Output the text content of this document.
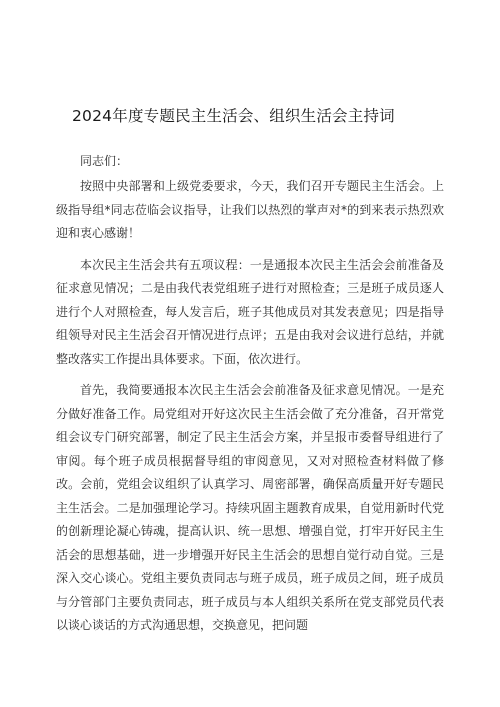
2024年度专题民主生活会、组织生活会主持词
同志们：

按照中央部署和上级党委要求，今天，我们召开专题民主生活会。上级指导组*同志莅临会议指导，让我们以热烈的掌声对*的到来表示热烈欢迎和衷心感谢！

本次民主生活会共有五项议程：一是通报本次民主生活会会前准备及征求意见情况；二是由我代表党组班子进行对照检查；三是班子成员逐人进行个人对照检查，每人发言后，班子其他成员对其发表意见；四是指导组领导对民主生活会召开情况进行点评；五是由我对会议进行总结，并就整改落实工作提出具体要求。下面，依次进行。

首先，我简要通报本次民主生活会会前准备及征求意见情况。一是充分做好准备工作。局党组对开好这次民主生活会做了充分准备，召开常党组会议专门研究部署，制定了民主生活会方案，并呈报市委督导组进行了审阅。每个班子成员根据督导组的审阅意见，又对对照检查材料做了修改。会前，党组会议组织了认真学习、周密部署，确保高质量开好专题民主生活会。二是加强理论学习。持续巩固主题教育成果，自觉用新时代党的创新理论凝心铸魂，提高认识、统一思想、增强自觉，打牢开好民主生活会的思想基础，进一步增强开好民主生活会的思想自觉行动自觉。三是深入交心谈心。党组主要负责同志与班子成员，班子成员之间，班子成员与分管部门主要负责同志，班子成员与本人组织关系所在党支部党员代表以谈心谈话的方式沟通思想，交换意见，把问题
